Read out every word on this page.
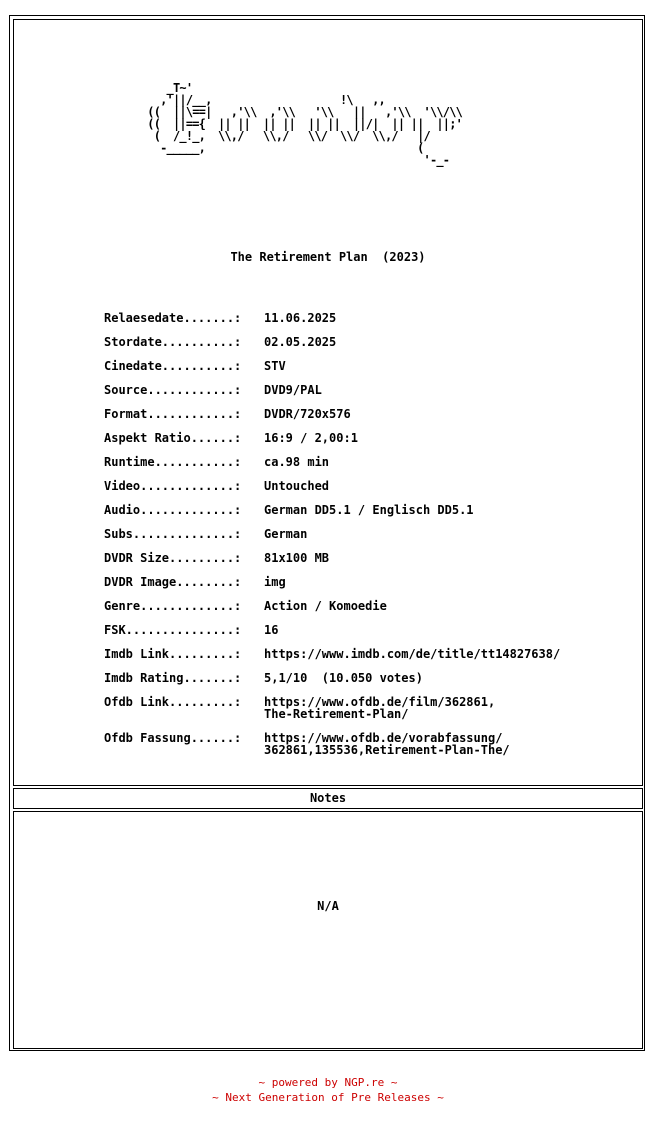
_T~'
,'||/__,                    !\   ,,
((  ||\==|   ,'\\  ,'\\   '\\   ||   ,'\\  '\\/\\
((  ||=={  || ||  || ||  || ||  ||/|  || ||  ||;'
(  /_!_,  \\,/   \\,/   \\/  \\/  \\,/   |/
-_____,                                 (
'-_-
The Retirement Plan  (2023)
Relaesedate.......: 11.06.2025
Stordate..........: 02.05.2025
Cinedate..........: STV
Source............: DVD9/PAL
Format............: DVDR/720x576
Aspekt Ratio......: 16:9 / 2,00:1
Runtime...........: ca.98 min
Video.............: Untouched
Audio.............: German DD5.1 / Englisch DD5.1
Subs..............: German
DVDR Size.........: 81x100 MB
DVDR Image........: img
Genre.............: Action / Komoedie
FSK...............: 16
Imdb Link.........: https://www.imdb.com/de/title/tt14827638/
Imdb Rating.......: 5,1/10  (10.050 votes)
Ofdb Link.........: https://www.ofdb.de/film/362861,
The-Retirement-Plan/
Ofdb Fassung......: https://www.ofdb.de/vorabfassung/
362861,135536,Retirement-Plan-The/
Notes
N/A
~ powered by NGP.re ~
~ Next Generation of Pre Releases ~
